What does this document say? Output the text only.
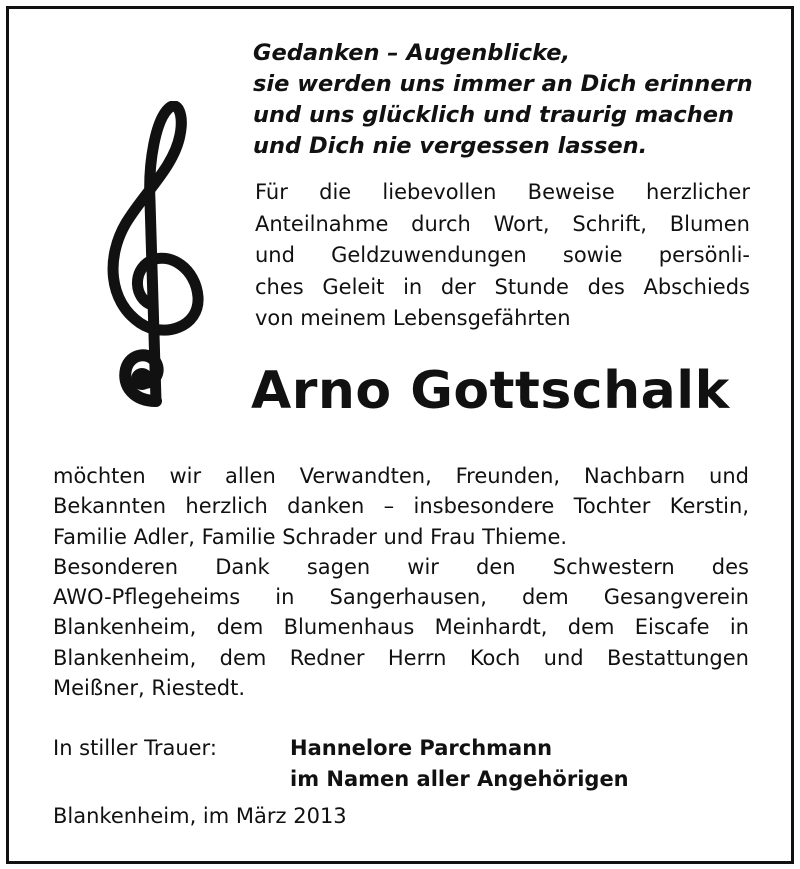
Gedanken – Augenblicke,
sie werden uns immer an Dich erinnern
und uns glücklich und traurig machen
und Dich nie vergessen lassen.
Für die liebevollen Beweise herzlicher
Anteilnahme durch Wort, Schrift, Blumen
und Geldzuwendungen sowie persönli-
ches Geleit in der Stunde des Abschieds
von meinem Lebensgefährten
Arno Gottschalk
möchten wir allen Verwandten, Freunden, Nachbarn und
Bekannten herzlich danken – insbesondere Tochter Kerstin,
Familie Adler, Familie Schrader und Frau Thieme.
Besonderen Dank sagen wir den Schwestern des
AWO-Pflegeheims in Sangerhausen, dem Gesangverein
Blankenheim, dem Blumenhaus Meinhardt, dem Eiscafe in
Blankenheim, dem Redner Herrn Koch und Bestattungen
Meißner, Riestedt.
In stiller Trauer:	Hannelore Parchmann
im Namen aller Angehörigen
Blankenheim, im März 2013
